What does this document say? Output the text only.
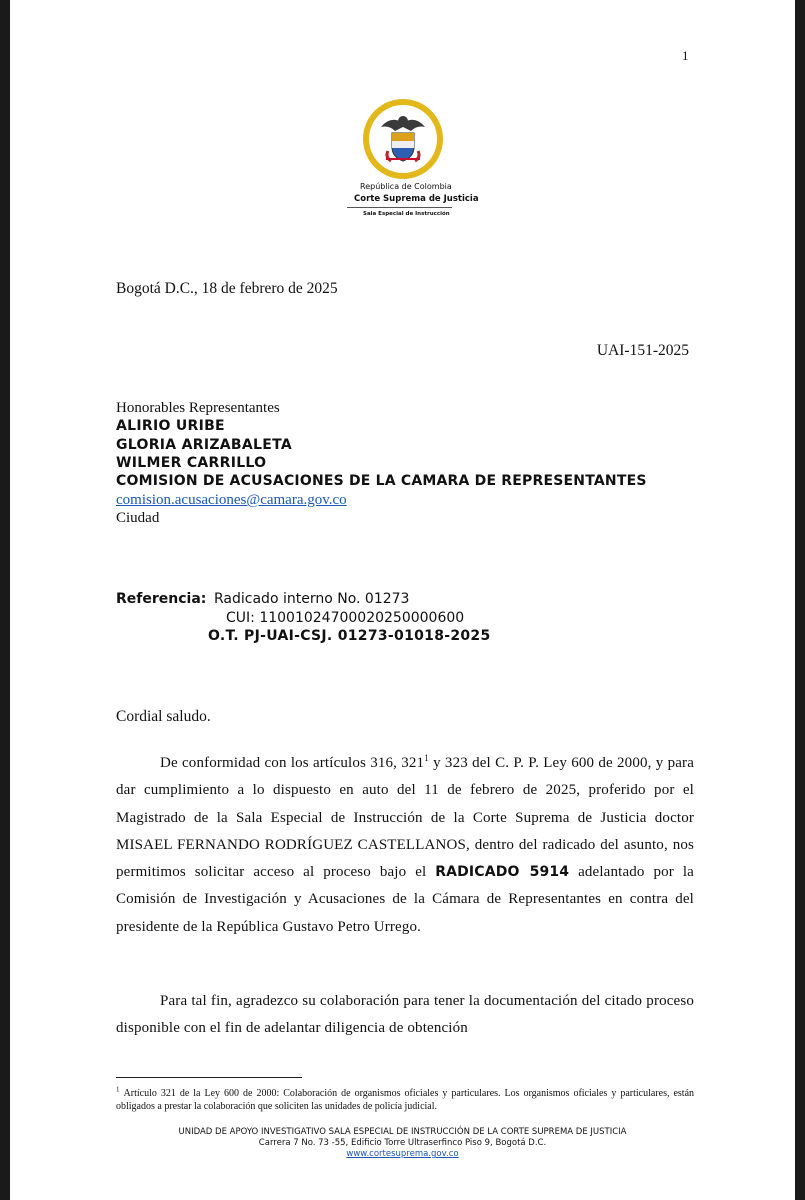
1
República de Colombia
Corte Suprema de Justicia
Sala Especial de Instrucción
Bogotá D.C., 18 de febrero de 2025
UAI-151-2025
Honorables Representantes
ALIRIO URIBE
GLORIA ARIZABALETA
WILMER CARRILLO
COMISION DE ACUSACIONES DE LA CAMARA DE REPRESENTANTES
comision.acusaciones@camara.gov.co
Ciudad
Referencia: Radicado interno No. 01273
CUI: 11001024700020250000600
O.T. PJ-UAI-CSJ. 01273-01018-2025
Cordial saludo.

De conformidad con los artículos 316, $321^1$ y 323 del C. P. P. Ley 600 de 2000, y para dar cumplimiento a lo dispuesto en auto del 11 de febrero de 2025, proferido por el Magistrado de la Sala Especial de Instrucción de la Corte Suprema de Justicia doctor MISAEL FERNANDO RODRÍGUEZ CASTELLANOS, dentro del radicado del asunto, nos permitimos solicitar acceso al proceso bajo el RADICADO 5914 adelantado por la Comisión de Investigación y Acusaciones de la Cámara de Representantes en contra del presidente de la República Gustavo Petro Urrego.

Para tal fin, agradezco su colaboración para tener la documentación del citado proceso disponible con el fin de adelantar diligencia de obtención

$^1$ Artículo 321 de la Ley 600 de 2000: Colaboración de organismos oficiales y particulares. Los organismos oficiales y particulares, están obligados a prestar la colaboración que soliciten las unidades de policía judicial.
UNIDAD DE APOYO INVESTIGATIVO SALA ESPECIAL DE INSTRUCCIÓN DE LA CORTE SUPREMA DE JUSTICIA
Carrera 7 No. 73 -55, Edificio Torre Ultraserfinco Piso 9, Bogotá D.C.
www.cortesuprema.gov.co
